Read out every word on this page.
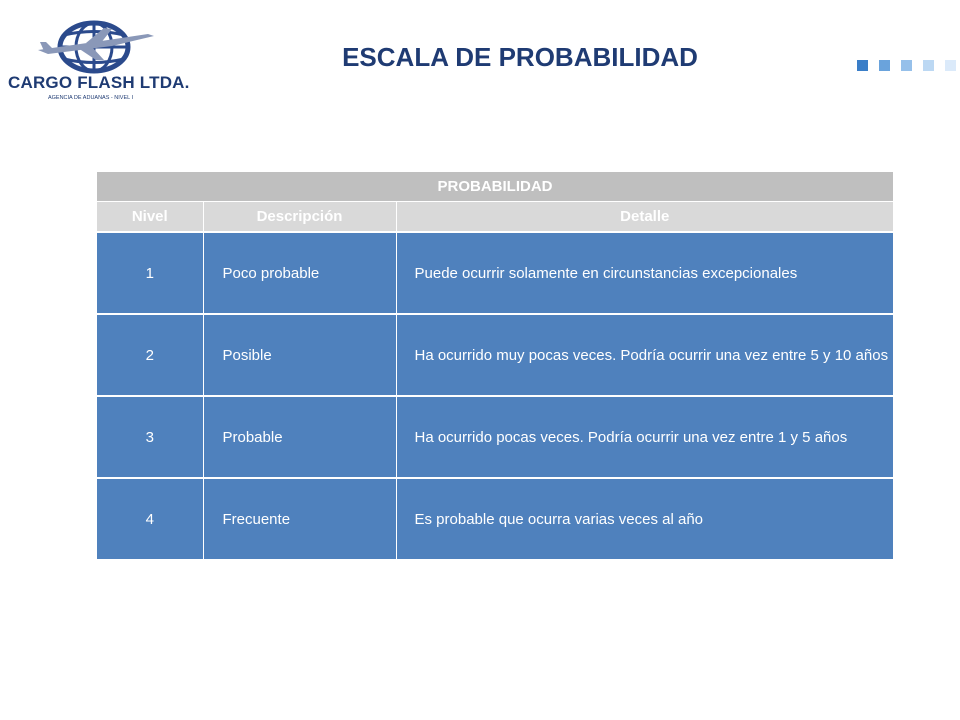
CARGO FLASH LTDA.
AGENCIA DE ADUANAS - NIVEL I
ESCALA DE PROBABILIDAD
PROBABILIDAD		
Nivel	Descripción	Detalle
1	Poco probable	Puede ocurrir solamente en circunstancias excepcionales
2	Posible	Ha ocurrido muy pocas veces. Podría ocurrir una vez entre 5 y 10 años
3	Probable	Ha ocurrido pocas veces. Podría ocurrir una vez entre 1 y 5 años
4	Frecuente	Es probable que ocurra varias veces al año
